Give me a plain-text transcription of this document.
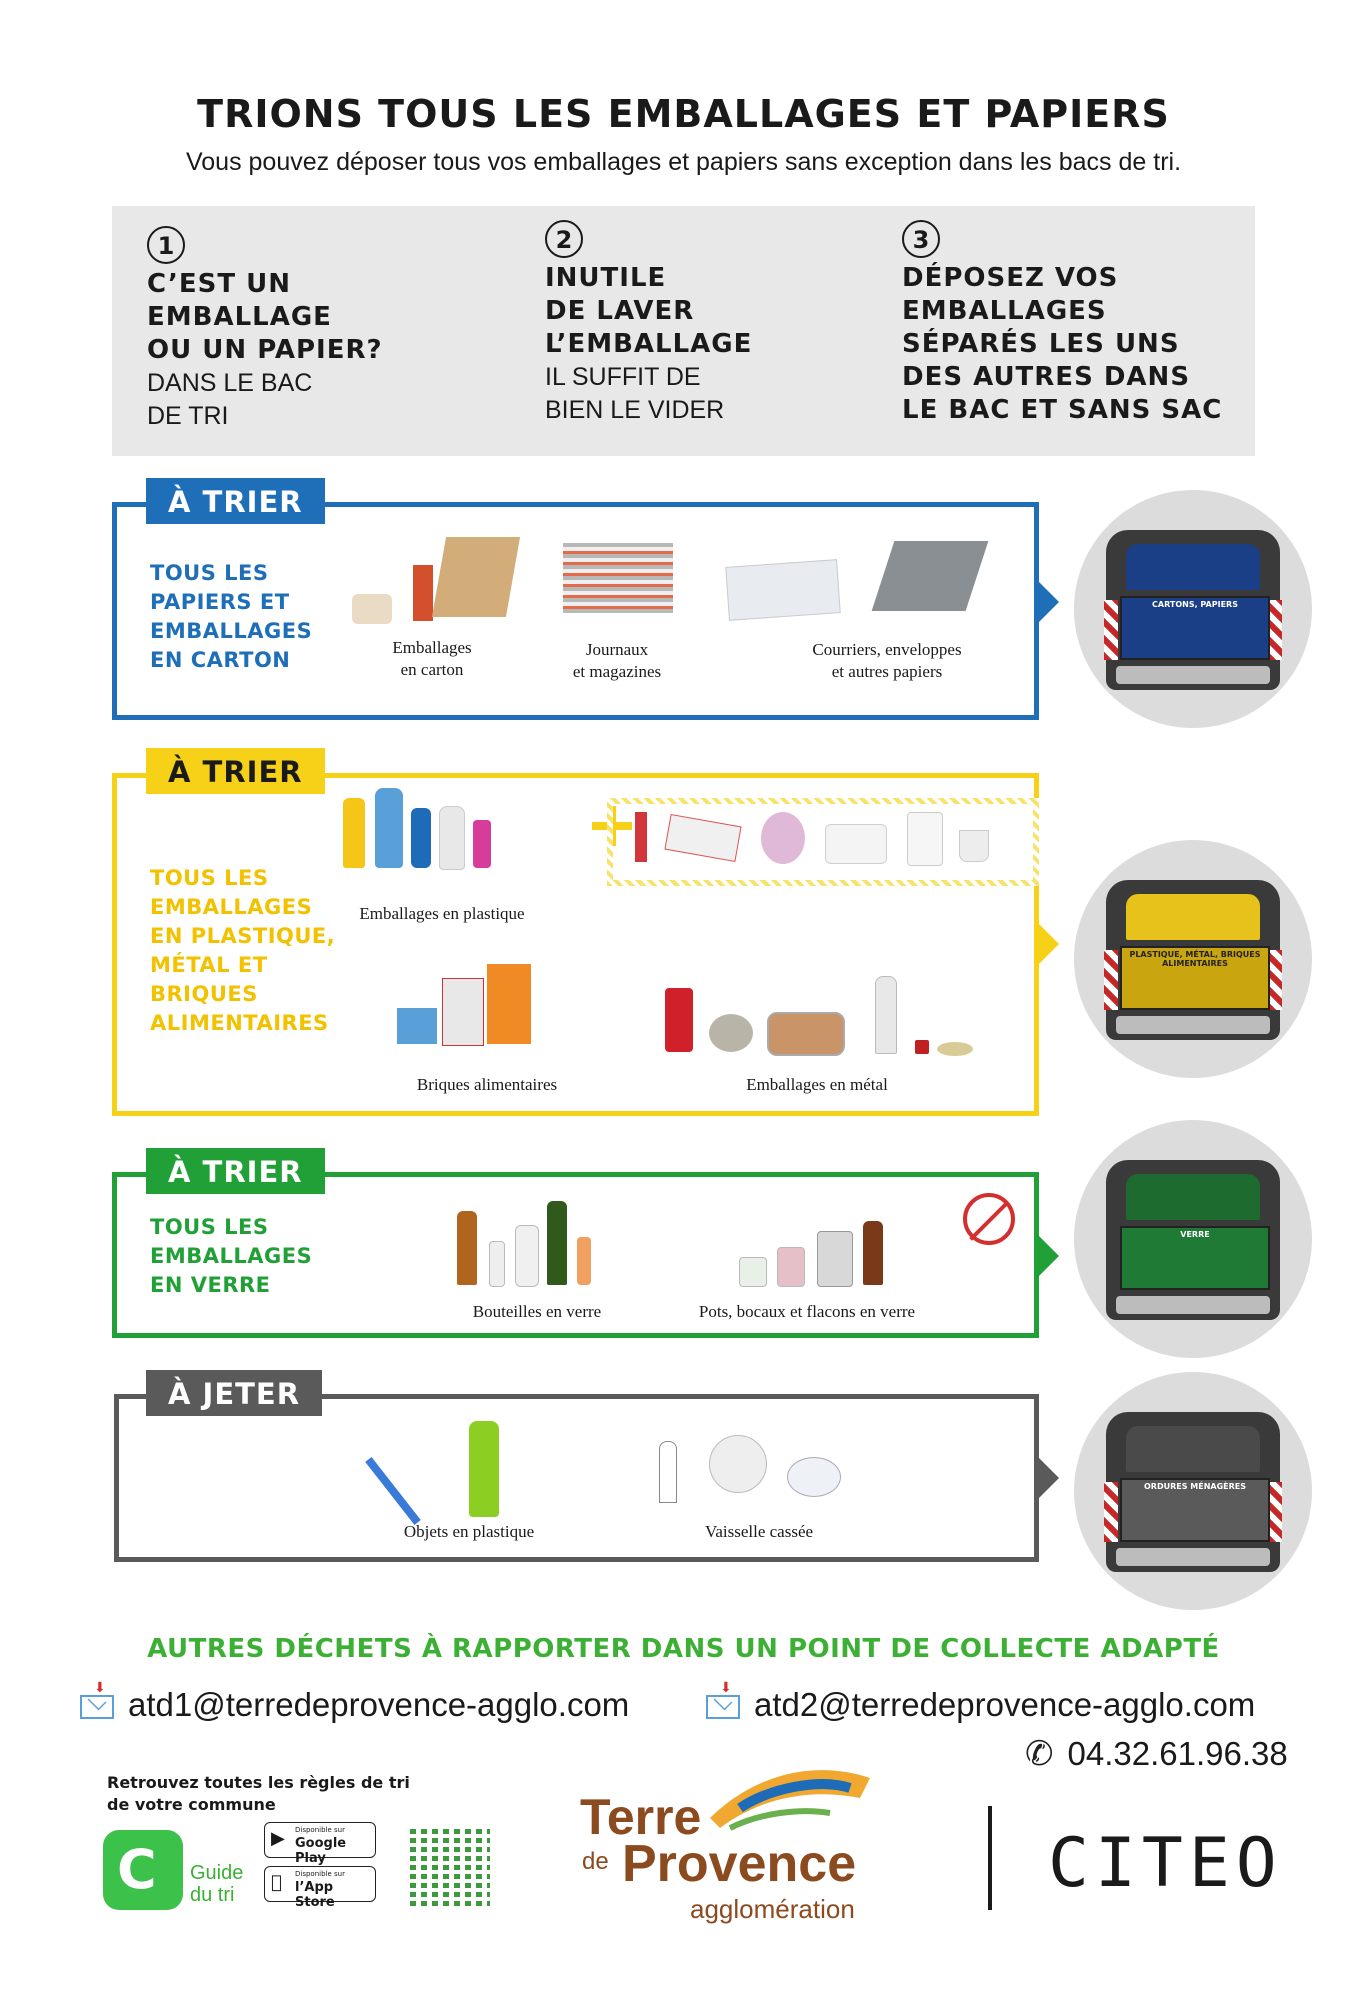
TRIONS TOUS LES EMBALLAGES ET PAPIERS
Vous pouvez déposer tous vos emballages et papiers sans exception dans les bacs de tri.
1
C’EST UN
EMBALLAGE
OU UN PAPIER?
DANS LE BAC
DE TRI
2
INUTILE
DE LAVER
L’EMBALLAGE
IL SUFFIT DE
BIEN LE VIDER
3
DÉPOSEZ VOS
EMBALLAGES
SÉPARÉS LES UNS
DES AUTRES DANS
LE BAC ET SANS SAC
TOUS LES
PAPIERS ET
EMBALLAGES
EN CARTON
Emballages
en carton
Journaux
et magazines
Courriers, enveloppes
et autres papiers
À TRIER
CARTONS, PAPIERS
TOUS LES
EMBALLAGES
EN PLASTIQUE,
MÉTAL ET
BRIQUES
ALIMENTAIRES
Emballages en plastique
Briques alimentaires	Emballages en métal
À TRIER
PLASTIQUE, MÉTAL, BRIQUES ALIMENTAIRES
TOUS LES
EMBALLAGES
EN VERRE
Bouteilles en verre	Pots, bocaux et flacons en verre
À TRIER
VERRE
Objets en plastique	Vaisselle cassée
À JETER
ORDURES MÉNAGÈRES
AUTRES DÉCHETS À RAPPORTER DANS UN POINT DE COLLECTE ADAPTÉ
⬇ atd1@terredeprovence-agglo.com	⬇ atd2@terredeprovence-agglo.com
✆ 04.32.61.96.38
Retrouvez toutes les règles de tri
de votre commune
C Guide
du tri
▶ Disponible sur
Google Play
Disponible sur
l’App Store
Terre
de Provence
agglomération
CITEO
